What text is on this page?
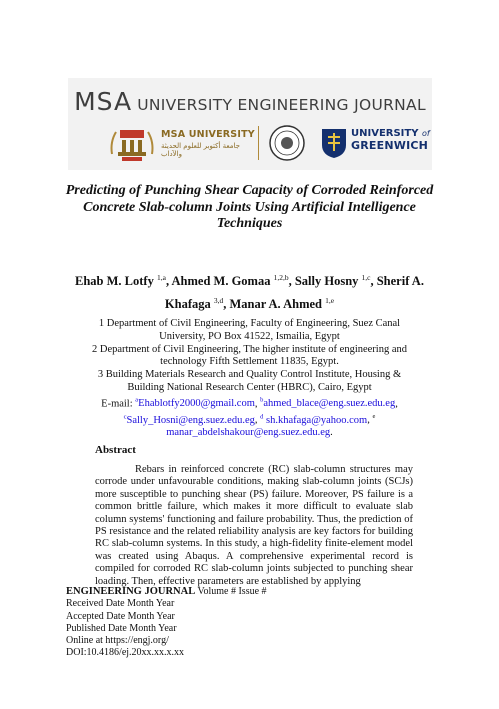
MSA UNIVERSITY ENGINEERING JOURNAL
MSA UNIVERSITY
جامعة أكتوبر للعلوم الحديثة والآداب
UNIVERSITY of
GREENWICH
Predicting of Punching Shear Capacity of Corroded Reinforced Concrete Slab-column Joints Using Artificial Intelligence Techniques
Ehab M. Lotfy $^{1,a}$, Ahmed M. Gomaa $^{1,2,b}$, Sally Hosny $^{1,c}$, Sherif A. Khafaga $^{3,d}$, Manar A. Ahmed $^{1,e}$

1 Department of Civil Engineering, Faculty of Engineering, Suez Canal University, PO Box 41522, Ismailia, Egypt

2 Department of Civil Engineering, The higher institute of engineering and technology Fifth Settlement 11835, Egypt.

3 Building Materials Research and Quality Control Institute, Housing & Building National Research Center (HBRC), Cairo, Egypt

E-mail: $^a$Ehablotfy2000@gmail.com, $^b$ahmed_blace@eng.suez.edu.eg, $^c$Sally_Hosni@eng.suez.edu.eg, $^d$ sh.khafaga@yahoo.com, $^e$ manar_abdelshakour@eng.suez.edu.eg.

Abstract

Rebars in reinforced concrete (RC) slab-column structures may corrode under unfavourable conditions, making slab-column joints (SCJs) more susceptible to punching shear (PS) failure. Moreover, PS failure is a common brittle failure, which makes it more difficult to evaluate slab column systems' functioning and failure probability. Thus, the prediction of PS resistance and the related reliability analysis are key factors for building RC slab-column systems. In this study, a high-fidelity finite-element model was created using Abaqus. A comprehensive experimental record is compiled for corroded RC slab-column joints subjected to punching shear loading. Then, effective parameters are established by applying

ENGINEERING JOURNAL Volume # Issue #
Received Date Month Year
Accepted Date Month Year
Published Date Month Year
Online at https://engj.org/
DOI:10.4186/ej.20xx.xx.x.xx
